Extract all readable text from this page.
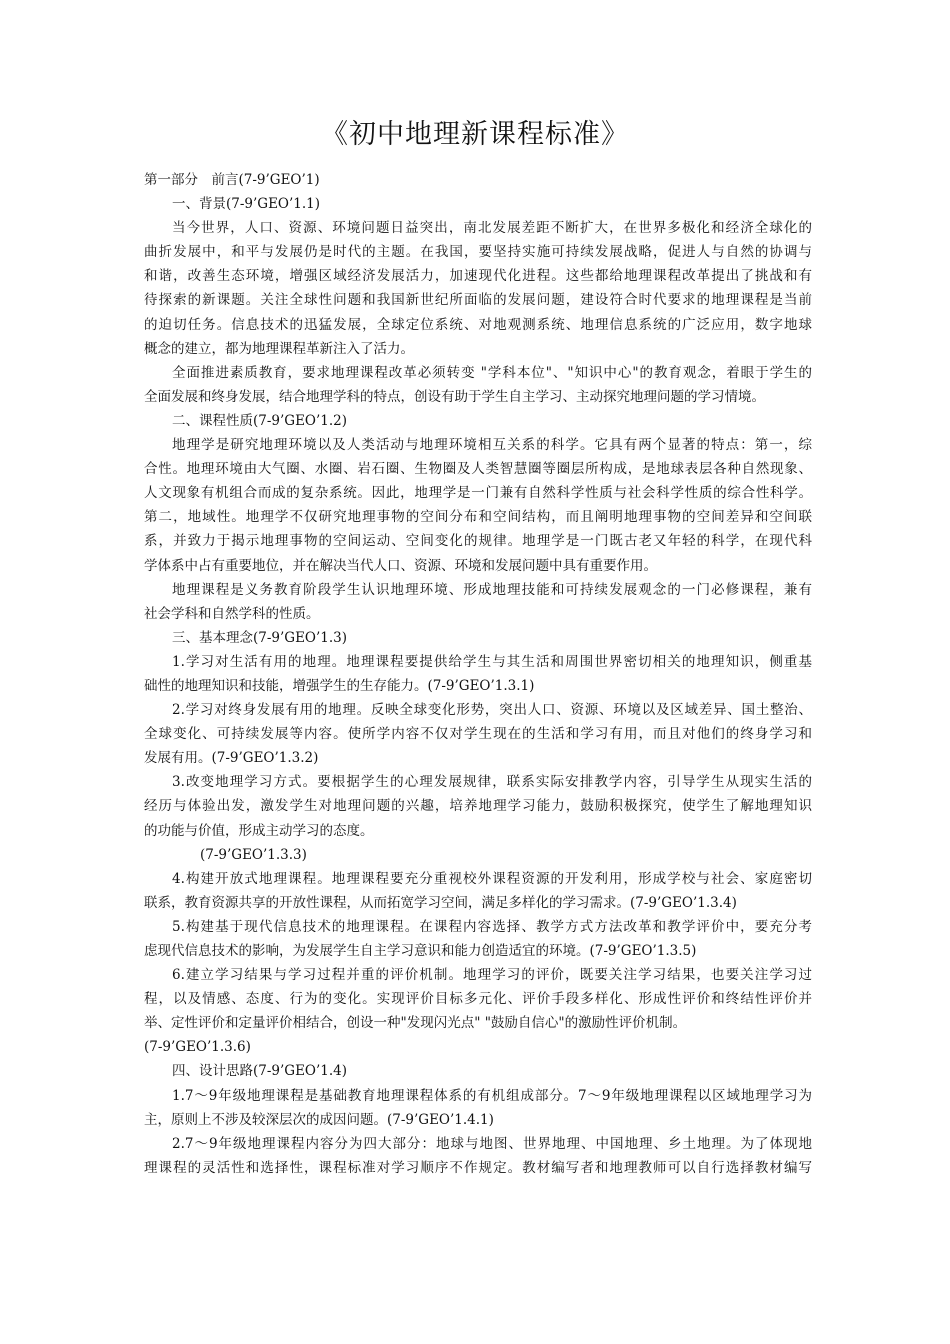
《初中地理新课程标准》
第一部分　前言(7-9’GEO’1)
一、背景(7-9’GEO’1.1)
当今世界，人口、资源、环境问题日益突出，南北发展差距不断扩大，在世界多极化和经济全球化的
曲折发展中，和平与发展仍是时代的主题。在我国，要坚持实施可持续发展战略，促进人与自然的协调与
和谐，改善生态环境，增强区域经济发展活力，加速现代化进程。这些都给地理课程改革提出了挑战和有
待探索的新课题。关注全球性问题和我国新世纪所面临的发展问题，建设符合时代要求的地理课程是当前
的迫切任务。信息技术的迅猛发展，全球定位系统、对地观测系统、地理信息系统的广泛应用，数字地球
概念的建立，都为地理课程革新注入了活力。
全面推进素质教育，要求地理课程改革必须转变 "学科本位"、"知识中心"的教育观念，着眼于学生的
全面发展和终身发展，结合地理学科的特点，创设有助于学生自主学习、主动探究地理问题的学习情境。
二、课程性质(7-9’GEO’1.2)
地理学是研究地理环境以及人类活动与地理环境相互关系的科学。它具有两个显著的特点：第一，综
合性。地理环境由大气圈、水圈、岩石圈、生物圈及人类智慧圈等圈层所构成，是地球表层各种自然现象、
人文现象有机组合而成的复杂系统。因此，地理学是一门兼有自然科学性质与社会科学性质的综合性科学。
第二，地域性。地理学不仅研究地理事物的空间分布和空间结构，而且阐明地理事物的空间差异和空间联
系，并致力于揭示地理事物的空间运动、空间变化的规律。地理学是一门既古老又年轻的科学，在现代科
学体系中占有重要地位，并在解决当代人口、资源、环境和发展问题中具有重要作用。
地理课程是义务教育阶段学生认识地理环境、形成地理技能和可持续发展观念的一门必修课程，兼有
社会学科和自然学科的性质。
三、基本理念(7-9’GEO’1.3)
1.学习对生活有用的地理。地理课程要提供给学生与其生活和周围世界密切相关的地理知识，侧重基
础性的地理知识和技能，增强学生的生存能力。(7-9’GEO’1.3.1)
2.学习对终身发展有用的地理。反映全球变化形势，突出人口、资源、环境以及区域差异、国土整治、
全球变化、可持续发展等内容。使所学内容不仅对学生现在的生活和学习有用，而且对他们的终身学习和
发展有用。(7-9’GEO’1.3.2)
3.改变地理学习方式。要根据学生的心理发展规律，联系实际安排教学内容，引导学生从现实生活的
经历与体验出发，激发学生对地理问题的兴趣，培养地理学习能力，鼓励积极探究，使学生了解地理知识
的功能与价值，形成主动学习的态度。
(7-9’GEO’1.3.3)
4.构建开放式地理课程。地理课程要充分重视校外课程资源的开发利用，形成学校与社会、家庭密切
联系，教育资源共享的开放性课程，从而拓宽学习空间，满足多样化的学习需求。(7-9’GEO’1.3.4)
5.构建基于现代信息技术的地理课程。在课程内容选择、教学方式方法改革和教学评价中，要充分考
虑现代信息技术的影响，为发展学生自主学习意识和能力创造适宜的环境。(7-9’GEO’1.3.5)
6.建立学习结果与学习过程并重的评价机制。地理学习的评价，既要关注学习结果，也要关注学习过
程，以及情感、态度、行为的变化。实现评价目标多元化、评价手段多样化、形成性评价和终结性评价并
举、定性评价和定量评价相结合，创设一种"发现闪光点" "鼓励自信心"的激励性评价机制。
(7-9’GEO’1.3.6)
四、设计思路(7-9’GEO’1.4)
1.7～9年级地理课程是基础教育地理课程体系的有机组成部分。7～9年级地理课程以区域地理学习为
主，原则上不涉及较深层次的成因问题。(7-9’GEO’1.4.1)
2.7～9年级地理课程内容分为四大部分：地球与地图、世界地理、中国地理、乡土地理。为了体现地
理课程的灵活性和选择性，课程标准对学习顺序不作规定。教材编写者和地理教师可以自行选择教材编写
